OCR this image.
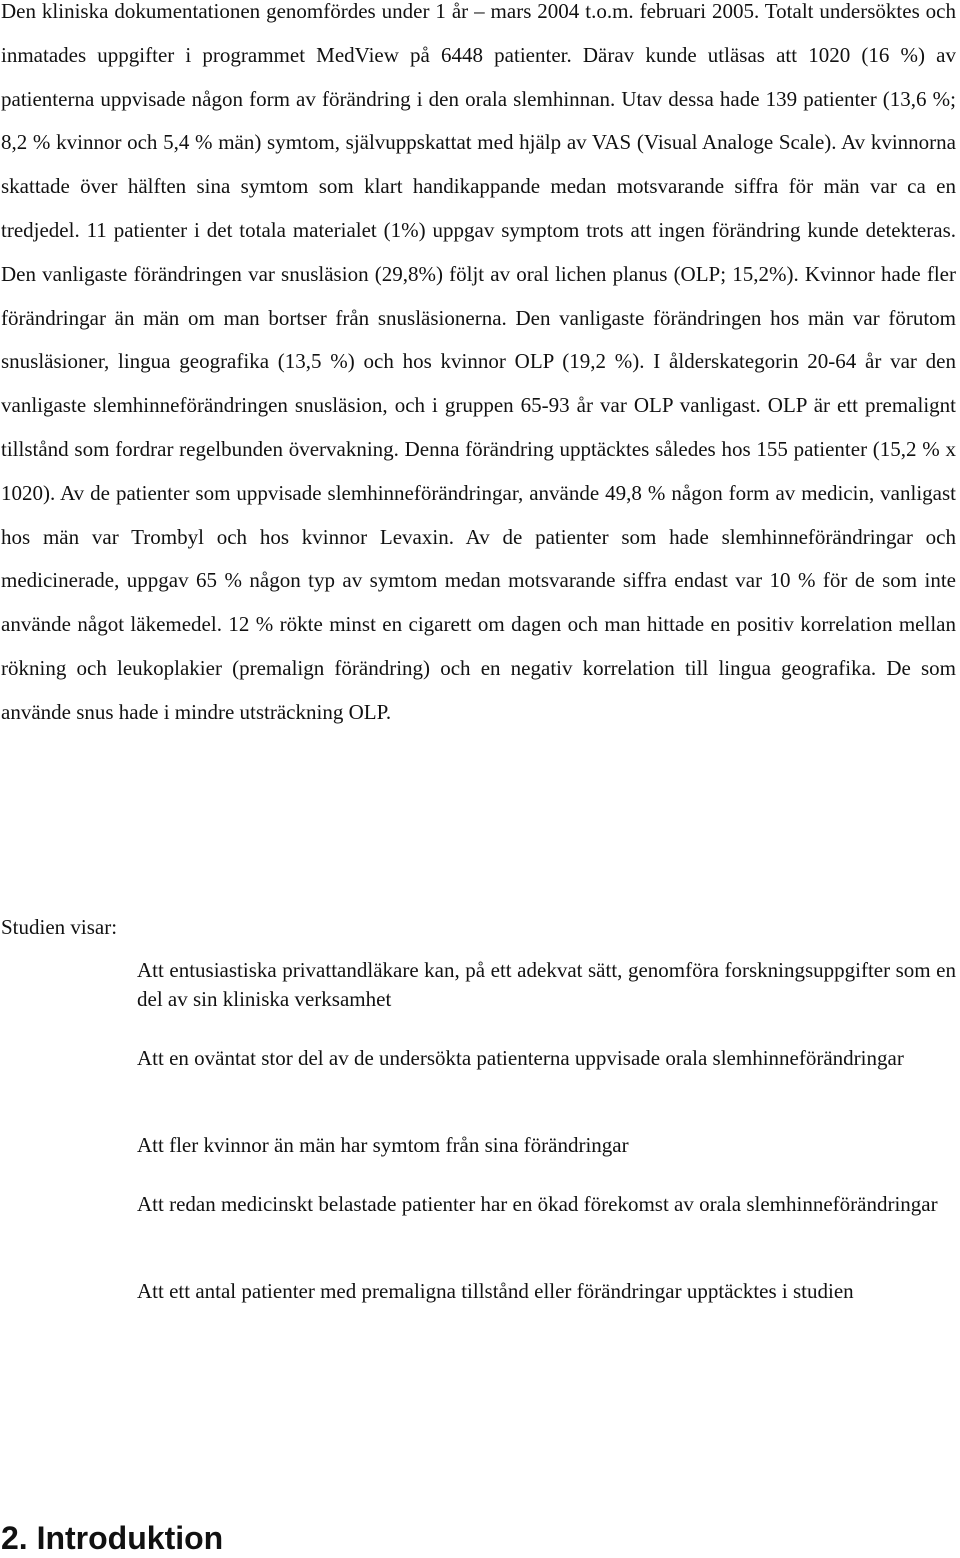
Den kliniska dokumentationen genomfördes under 1 år – mars 2004 t.o.m. februari 2005. Totalt undersöktes och inmatades uppgifter i programmet MedView på 6448 patienter. Därav kunde utläsas att 1020 (16 %) av patienterna uppvisade någon form av förändring i den orala slemhinnan. Utav dessa hade 139 patienter (13,6 %; 8,2 % kvinnor och 5,4 % män) symtom, självuppskattat med hjälp av VAS (Visual Analoge Scale). Av kvinnorna skattade över hälften sina symtom som klart handikappande medan motsvarande siffra för män var ca en tredjedel. 11 patienter i det totala materialet (1%) uppgav symptom trots att ingen förändring kunde detekteras. Den vanligaste förändringen var snusläsion (29,8%) följt av oral lichen planus (OLP; 15,2%). Kvinnor hade fler förändringar än män om man bortser från snusläsionerna. Den vanligaste förändringen hos män var förutom snusläsioner, lingua geografika (13,5 %) och hos kvinnor OLP (19,2 %). I ålderskategorin 20-64 år var den vanligaste slemhinneförändringen snusläsion, och i gruppen 65-93 år var OLP vanligast. OLP är ett premalignt tillstånd som fordrar regelbunden övervakning. Denna förändring upptäcktes således hos 155 patienter (15,2 % x 1020). Av de patienter som uppvisade slemhinneförändringar, använde 49,8 % någon form av medicin, vanligast hos män var Trombyl och hos kvinnor Levaxin. Av de patienter som hade slemhinneförändringar och medicinerade, uppgav 65 % någon typ av symtom medan motsvarande siffra endast var 10 % för de som inte använde något läkemedel. 12 % rökte minst en cigarett om dagen och man hittade en positiv korrelation mellan rökning och leukoplakier (premalign förändring) och en negativ korrelation till lingua geografika. De som använde snus hade i mindre utsträckning OLP.

Studien visar:

Att entusiastiska privattandläkare kan, på ett adekvat sätt, genomföra forskningsuppgifter som en del av sin kliniska verksamhet
Att en oväntat stor del av de undersökta patienterna uppvisade orala slemhinneförändringar
Att fler kvinnor än män har symtom från sina förändringar
Att redan medicinskt belastade patienter har en ökad förekomst av orala slemhinneförändringar
Att ett antal patienter med premaligna tillstånd eller förändringar upptäcktes i studien
2. Introduktion
